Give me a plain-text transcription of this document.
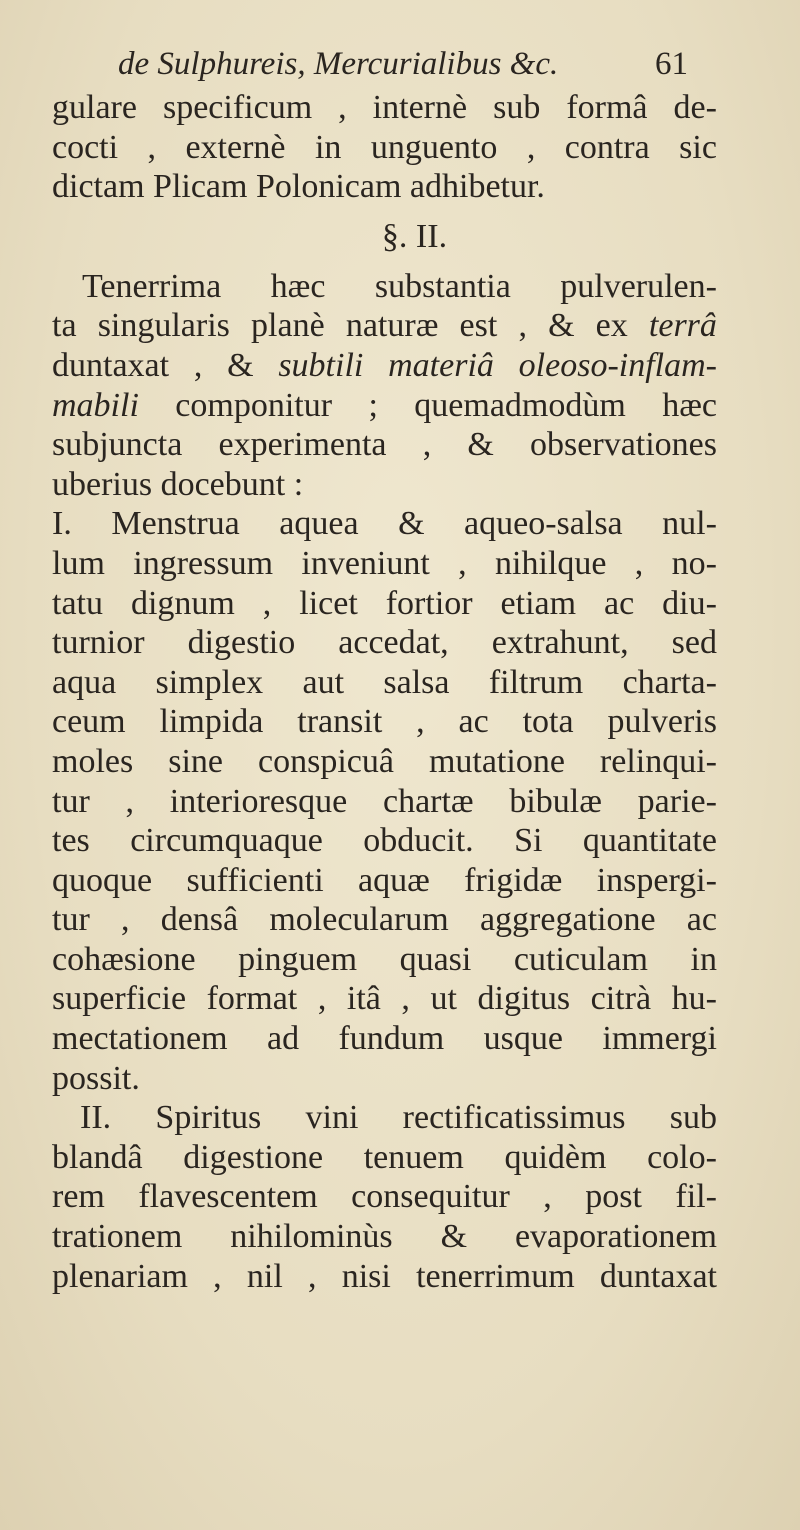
de Sulphureis, Mercurialibus &c.	61
gulare specificum , internè sub formâ de-
cocti , externè in unguento , contra sic
dictam
Plicam
Polonicam
adhibetur.
§. II.
Tenerrima hæc substantia pulverulen-
ta singularis planè naturæ est , & ex terrâ
duntaxat , & subtili materiâ oleoso-inflam-
mabili componitur ; quemadmodùm hæc
subjuncta experimenta , & observationes
uberius
docebunt
:
I. Menstrua aquea & aqueo-salsa nul-
lum ingressum inveniunt , nihilque , no-
tatu dignum , licet fortior etiam ac diu-
turnior digestio accedat, extrahunt, sed
aqua simplex aut salsa filtrum charta-
ceum limpida transit , ac tota pulveris
moles sine conspicuâ mutatione relinqui-
tur , interioresque chartæ bibulæ parie-
tes circumquaque obducit. Si quantitate
quoque sufficienti aquæ frigidæ inspergi-
tur , densâ molecularum aggregatione ac
cohæsione pinguem quasi cuticulam in
superficie format , itâ , ut digitus citrà hu-
mectationem ad fundum usque immergi
possit.
II. Spiritus vini rectificatissimus sub
blandâ digestione tenuem quidèm colo-
rem flavescentem consequitur , post fil-
trationem nihilominùs & evaporationem
plenariam , nil , nisi tenerrimum duntaxat
